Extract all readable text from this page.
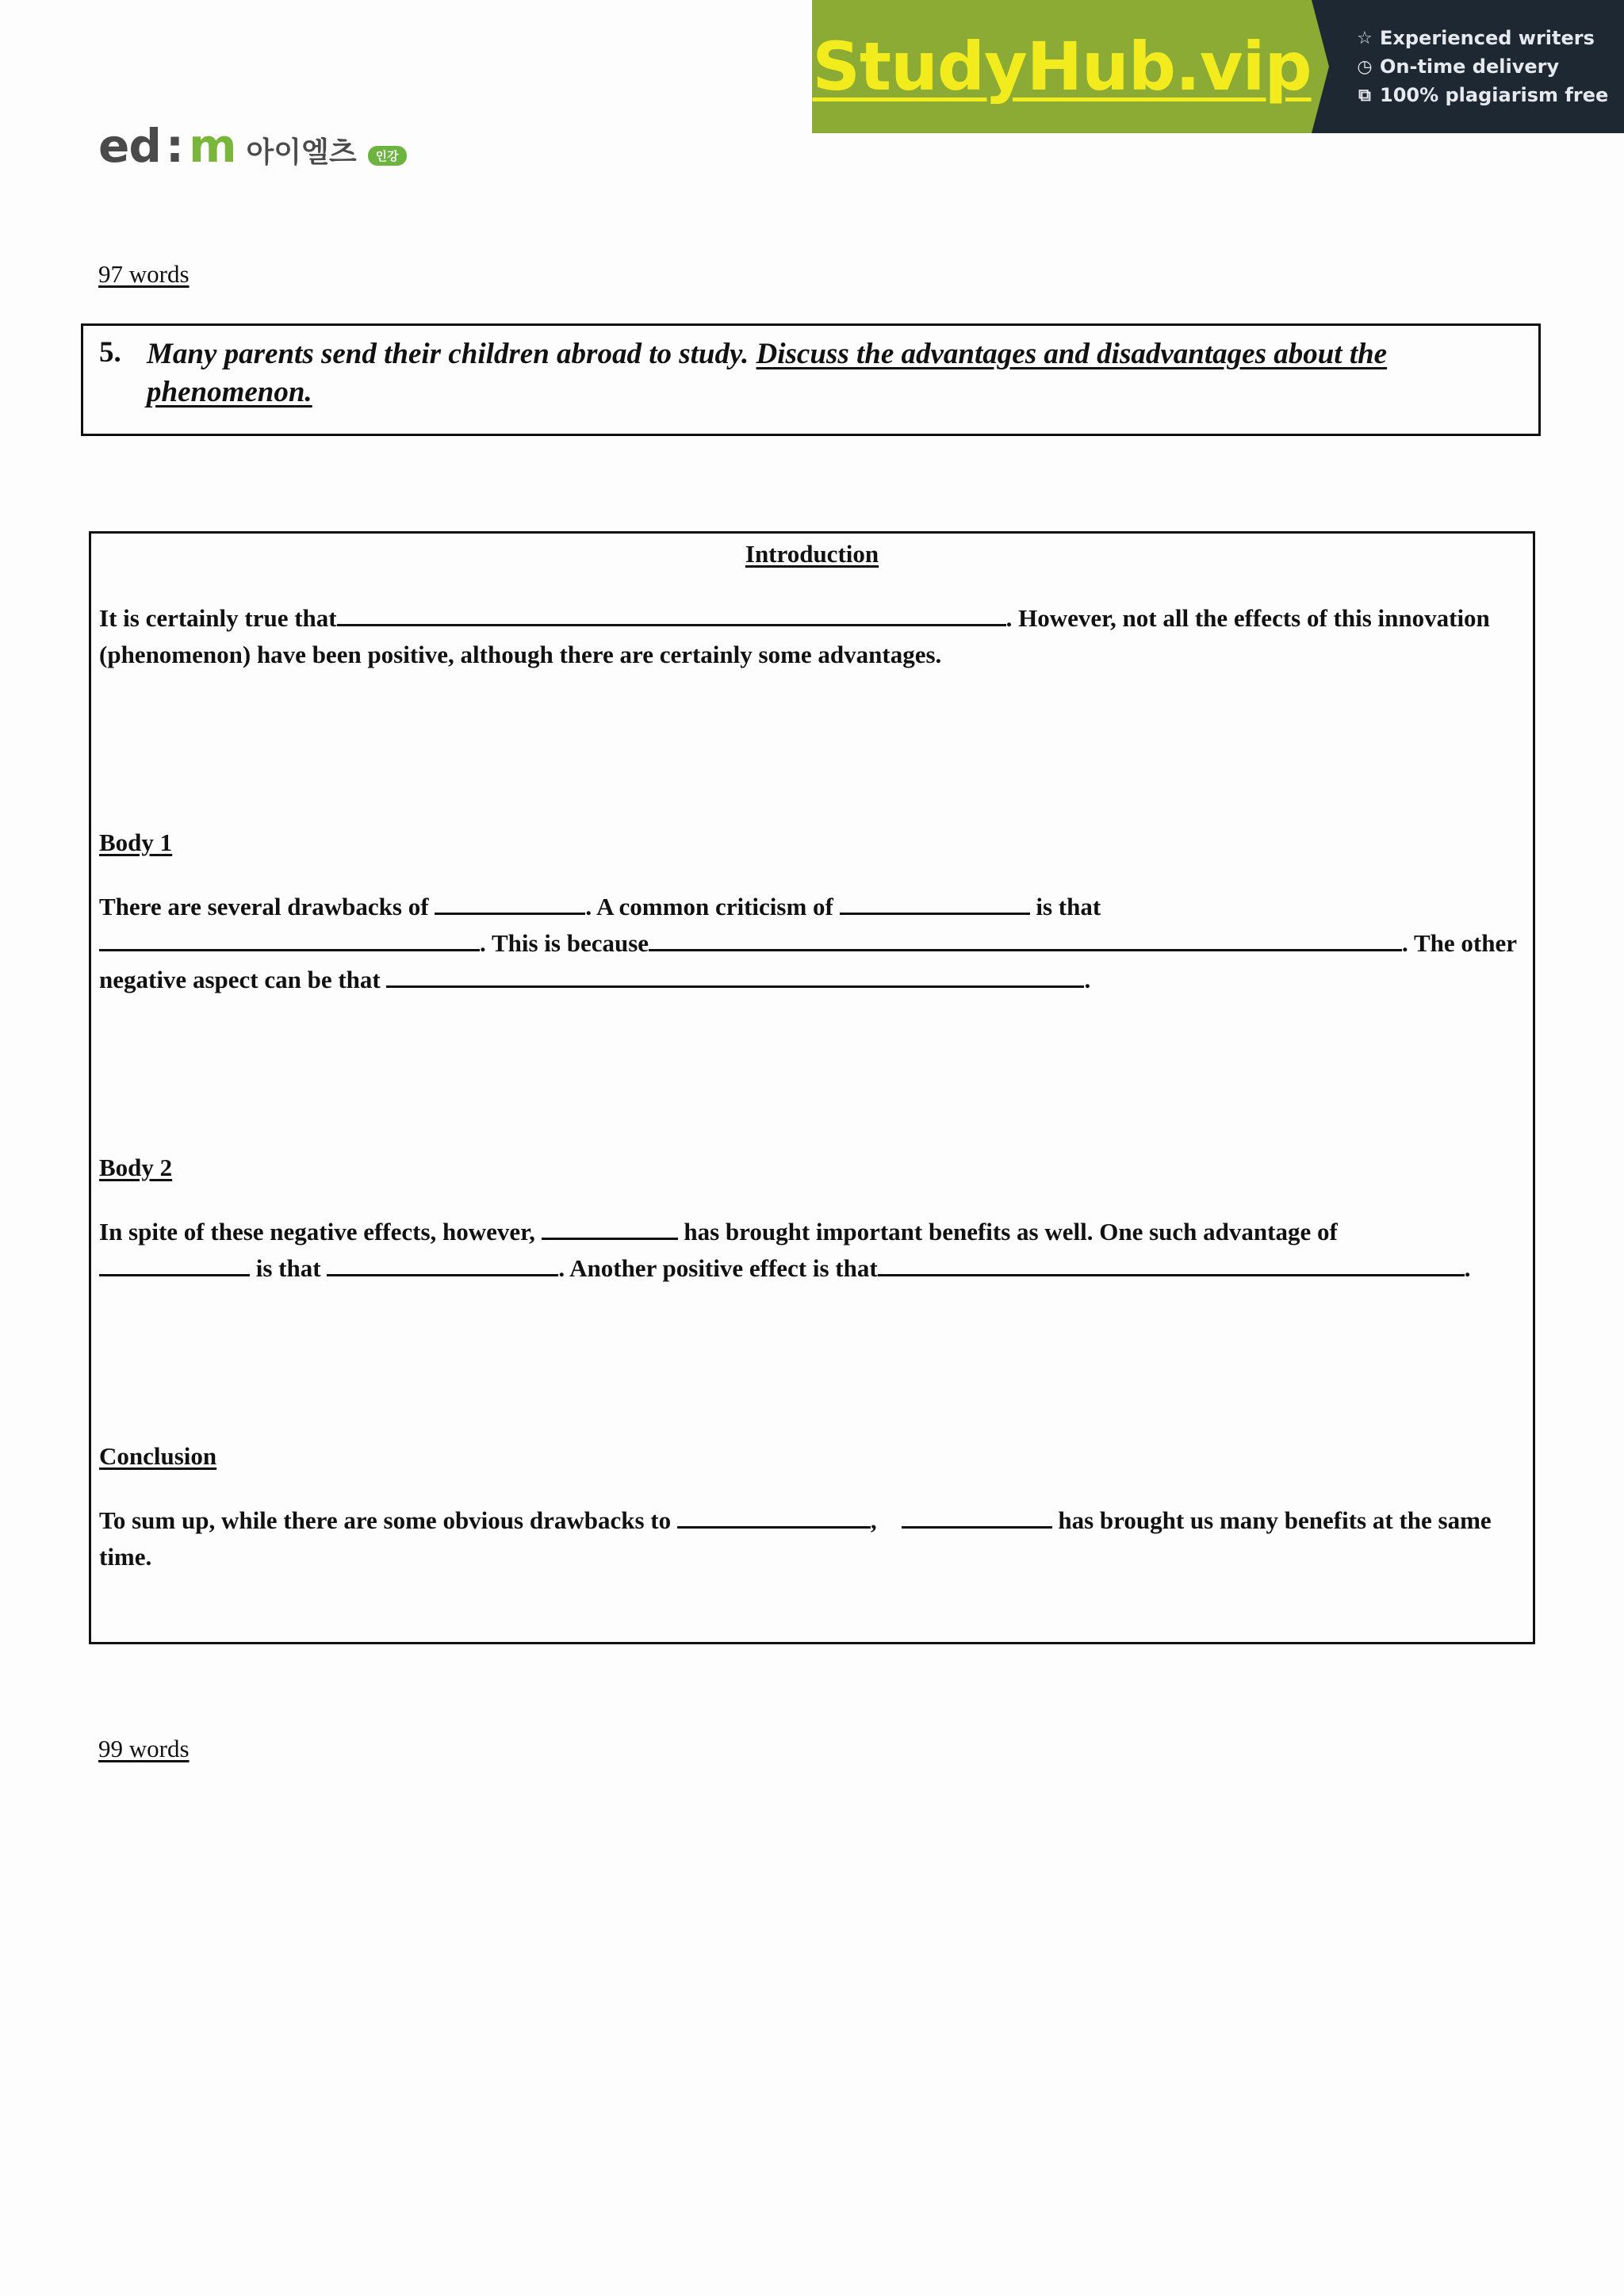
StudyHub.vip	☆ Experienced writers
◷ On-time delivery
⧉ 100% plagiarism free
ed : m 아이엘츠	인강
97 words
5. Many parents send their children abroad to study. Discuss the advantages and disadvantages about the phenomenon.
Introduction
It is certainly true that	. However, not all the effects of this innovation (phenomenon) have been positive, although there are certainly some advantages.
Body 1
There are several drawbacks of	. A common criticism of	is that
. This is because	. The other negative aspect can be that	.
Body 2
In spite of these negative effects, however,	has brought important benefits as well. One such advantage of
is that	. Another positive effect is that	.
Conclusion
To sum up, while there are some obvious drawbacks to	,	has brought us many benefits at the same time.
99 words
